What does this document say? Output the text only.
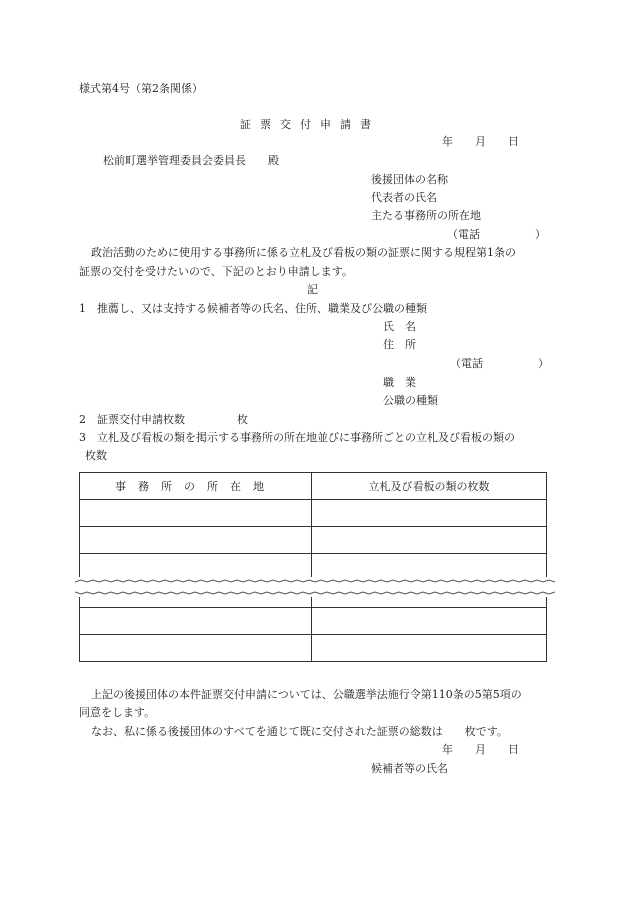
様式第4号（第2条関係）
証票交付申請書
年　　月　　日
松前町選挙管理委員会委員長　　殿
後援団体の名称
代表者の氏名
主たる事務所の所在地
（電話　　　　　）
政治活動のために使用する事務所に係る立札及び看板の類の証票に関する規程第1条の
証票の交付を受けたいので、下記のとおり申請します。
記
1　推薦し、又は支持する候補者等の氏名、住所、職業及び公職の種類
氏　名
住　所
（電話　　　　　）
職　業
公職の種類
2　証票交付申請枚数	枚
3　立札及び看板の類を掲示する事務所の所在地並びに事務所ごとの立札及び看板の類の
枚数
事務所の所在地	立札及び看板の類の枚数

上記の後援団体の本件証票交付申請については、公職選挙法施行令第110条の5第5項の
同意をします。
なお、私に係る後援団体のすべてを通じて既に交付された証票の総数は　　枚です。
年　　月　　日
候補者等の氏名
